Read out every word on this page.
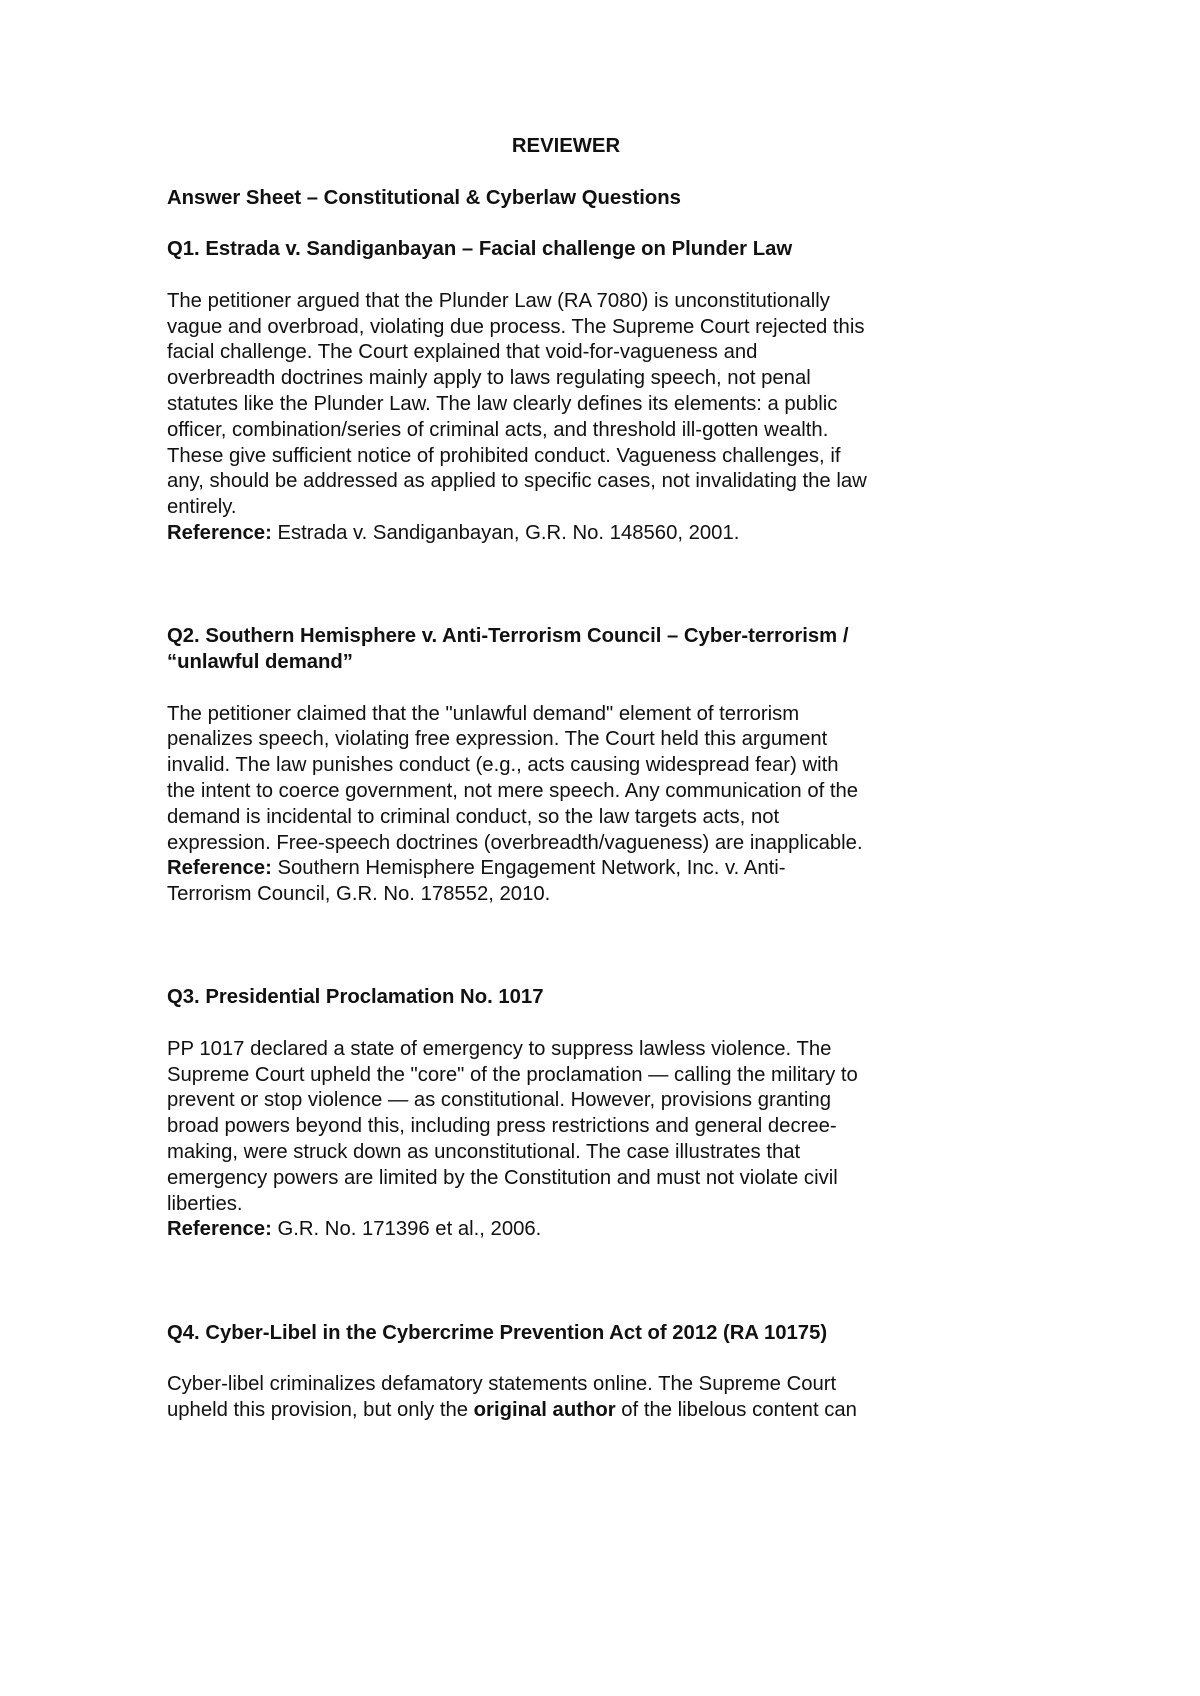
REVIEWER
Answer Sheet – Constitutional & Cyberlaw Questions
Q1. Estrada v. Sandiganbayan – Facial challenge on Plunder Law
The petitioner argued that the Plunder Law (RA 7080) is unconstitutionally
vague and overbroad, violating due process. The Supreme Court rejected this
facial challenge. The Court explained that void-for-vagueness and
overbreadth doctrines mainly apply to laws regulating speech, not penal
statutes like the Plunder Law. The law clearly defines its elements: a public
officer, combination/series of criminal acts, and threshold ill-gotten wealth.
These give sufficient notice of prohibited conduct. Vagueness challenges, if
any, should be addressed as applied to specific cases, not invalidating the law
entirely.
Reference: Estrada v. Sandiganbayan, G.R. No. 148560, 2001.
Q2. Southern Hemisphere v. Anti-Terrorism Council – Cyber-terrorism /
“unlawful demand”
The petitioner claimed that the "unlawful demand" element of terrorism
penalizes speech, violating free expression. The Court held this argument
invalid. The law punishes conduct (e.g., acts causing widespread fear) with
the intent to coerce government, not mere speech. Any communication of the
demand is incidental to criminal conduct, so the law targets acts, not
expression. Free-speech doctrines (overbreadth/vagueness) are inapplicable.
Reference: Southern Hemisphere Engagement Network, Inc. v. Anti-
Terrorism Council, G.R. No. 178552, 2010.
Q3. Presidential Proclamation No. 1017
PP 1017 declared a state of emergency to suppress lawless violence. The
Supreme Court upheld the "core" of the proclamation — calling the military to
prevent or stop violence — as constitutional. However, provisions granting
broad powers beyond this, including press restrictions and general decree-
making, were struck down as unconstitutional. The case illustrates that
emergency powers are limited by the Constitution and must not violate civil
liberties.
Reference: G.R. No. 171396 et al., 2006.
Q4. Cyber-Libel in the Cybercrime Prevention Act of 2012 (RA 10175)
Cyber-libel criminalizes defamatory statements online. The Supreme Court
upheld this provision, but only the original author of the libelous content can
